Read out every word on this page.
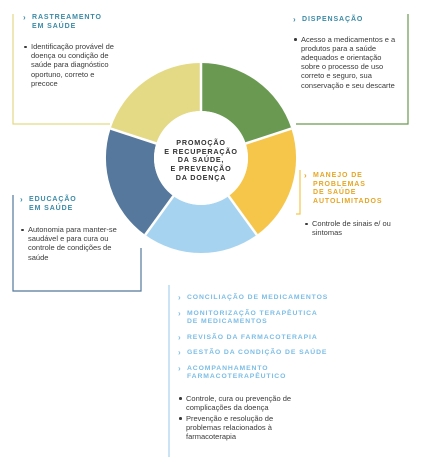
PROMOÇÃO
E RECUPERAÇÃO
DA SAÚDE,
E PREVENÇÃO
DA DOENÇA
› RASTREAMENTO
EM SAÚDE
Identificação provável de doença ou condição de saúde para diagnóstico oportuno, correto e precoce
› DISPENSAÇÃO
Acesso a medicamentos e a produtos para a saúde adequados e orientação sobre o processo de uso correto e seguro, sua conservação e seu descarte
› MANEJO DE
PROBLEMAS
DE SAÚDE
AUTOLIMITADOS
Controle de sinais e/ ou sintomas
› EDUCAÇÃO
EM SAÚDE
Autonomia para manter-se saudável e para cura ou controle de condições de saúde
› CONCILIAÇÃO DE MEDICAMENTOS
› MONITORIZAÇÃO TERAPÊUTICA DE MEDICAMENTOS
› REVISÃO DA FARMACOTERAPIA
› GESTÃO DA CONDIÇÃO DE SAÚDE
› ACOMPANHAMENTO FARMACOTERAPÊUTICO
Controle, cura ou prevenção de complicações da doença
Prevenção e resolução de problemas relacionados à farmacoterapia
